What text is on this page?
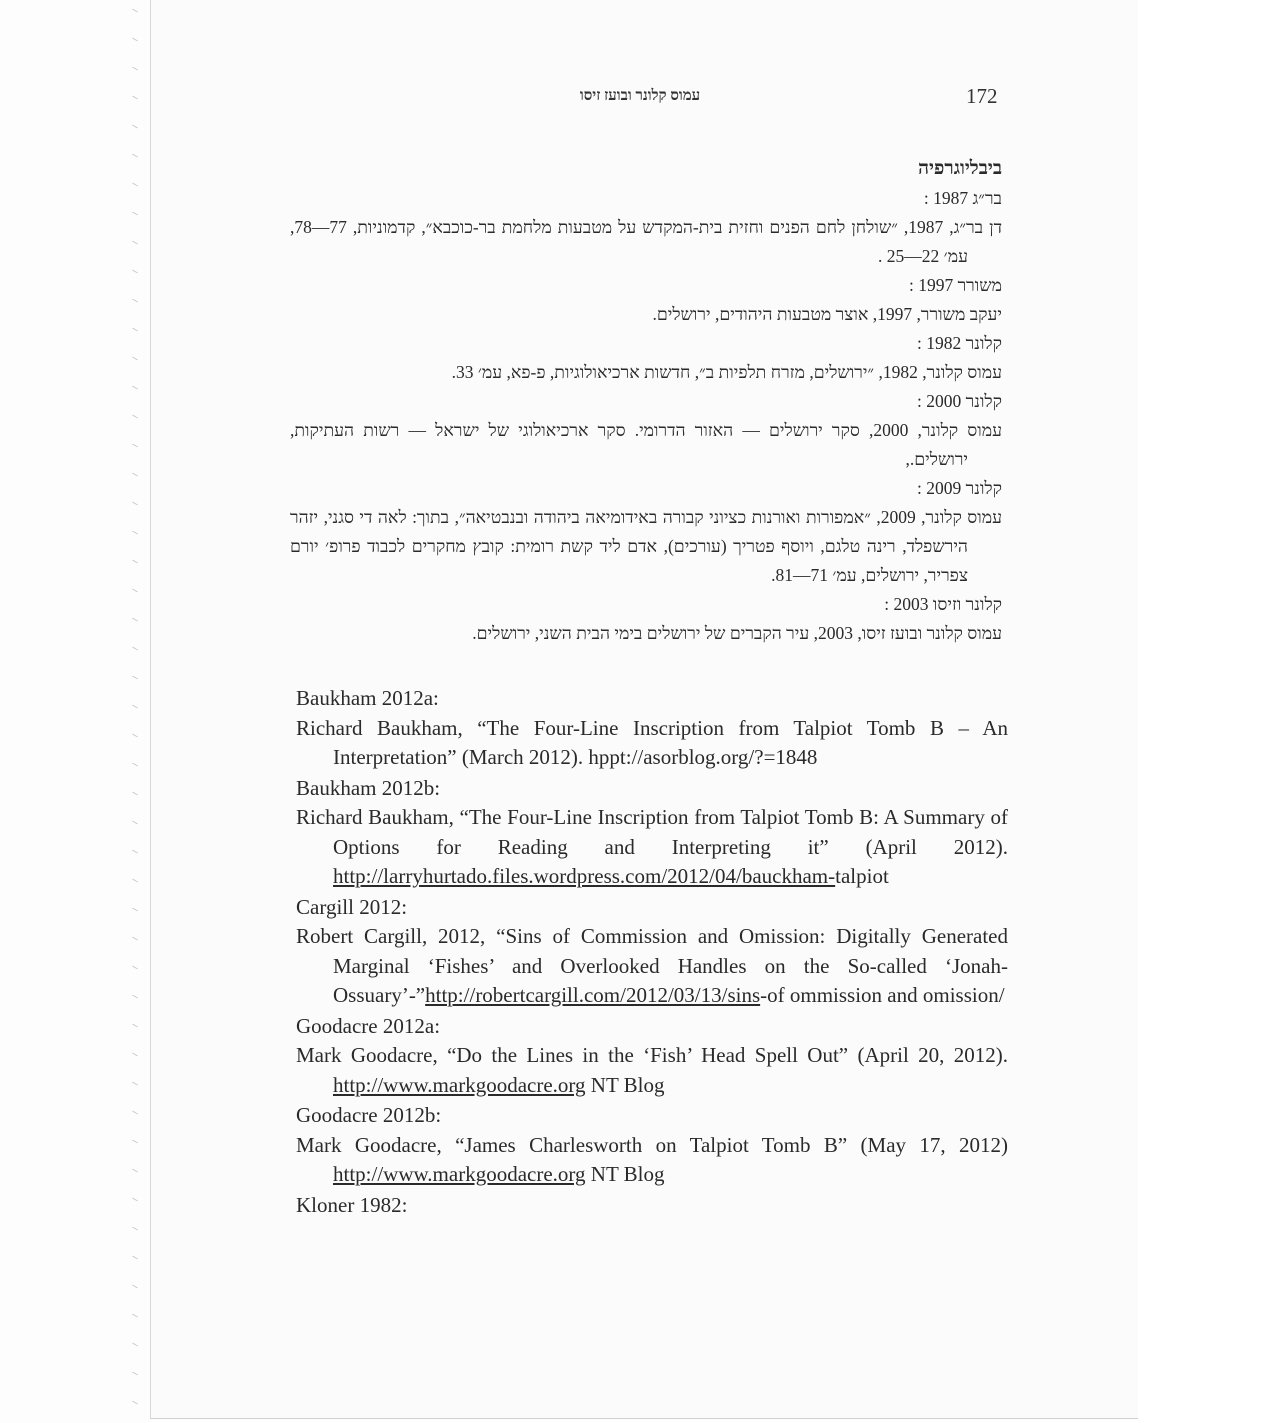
עמוס קלונר ובועז זיסו	172
ביבליוגרפיה

בר״ג 1987 :

דן בר״ג, 1987, ״שולחן לחם הפנים וחזית בית-המקדש על מטבעות מלחמת בר-כוכבא״, קדמוניות, 77—78, עמ׳ 22—25 .

משורר 1997 :

יעקב משורר, 1997, אוצר מטבעות היהודים, ירושלים.

קלונר 1982 :

עמוס קלונר, 1982, ״ירושלים, מזרח תלפיות ב״, חדשות ארכיאולוגיות, פ-פא, עמ׳ 33.

קלונר 2000 :

עמוס קלונר, 2000, סקר ירושלים — האזור הדרומי. סקר ארכיאולוגי של ישראל — רשות העתיקות, ירושלים.,

קלונר 2009 :

עמוס קלונר, 2009, ״אמפורות ואורנות כציוני קבורה באידומיאה ביהודה ובנבטיאה״, בתוך: לאה די סגני, יזהר הירשפלד, רינה טלגם, ויוסף פטריך (עורכים), אדם ליד קשת רומית: קובץ מחקרים לכבוד פרופ׳ יורם צפריר, ירושלים, עמ׳ 71—81.

קלונר וזיסו 2003 :

עמוס קלונר ובועז זיסו, 2003, עיר הקברים של ירושלים בימי הבית השני, ירושלים.

Baukham 2012a:

Richard Baukham, “The Four-Line Inscription from Talpiot Tomb B – An Interpretation” (March 2012). hppt://asorblog.org/?=1848

Baukham 2012b:

Richard Baukham, “The Four-Line Inscription from Talpiot Tomb B: A Summary of Options for Reading and Interpreting it” (April 2012). http://larryhurtado.files.wordpress.com/2012/04/bauckham-talpiot

Cargill 2012:

Robert Cargill, 2012, “Sins of Commission and Omission: Digitally Generated Marginal ‘Fishes’ and Overlooked Handles on the So-called ‘Jonah-Ossuary’-”http://robertcargill.com/2012/03/13/sins-of ommission and omission/

Goodacre 2012a:

Mark Goodacre, “Do the Lines in the ‘Fish’ Head Spell Out” (April 20, 2012). http://www.markgoodacre.org NT Blog

Goodacre 2012b:

Mark Goodacre, “James Charlesworth on Talpiot Tomb B” (May 17, 2012) http://www.markgoodacre.org NT Blog

Kloner 1982:
